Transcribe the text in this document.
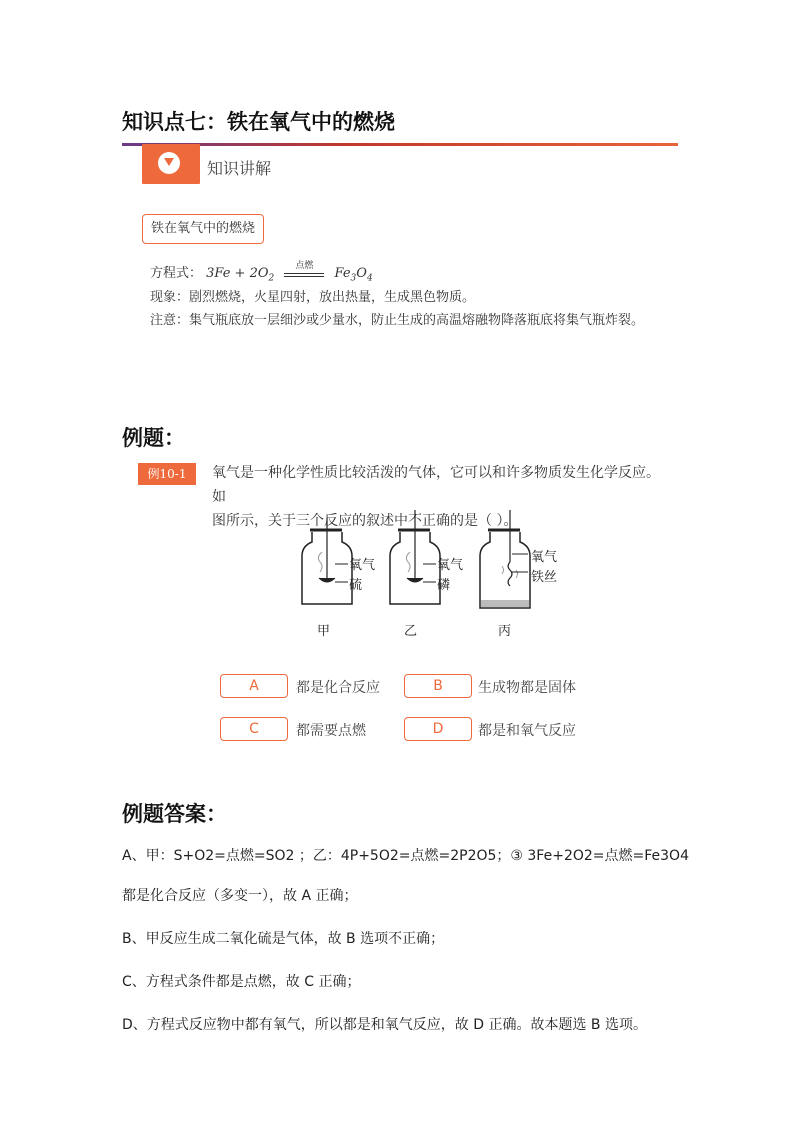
知识点七：铁在氧气中的燃烧
知识讲解
铁在氧气中的燃烧
方程式： $3Fe + 2O_2$
点燃	$Fe_3O_4$
现象：剧烈燃烧，火星四射，放出热量，生成黑色物质。
注意：集气瓶底放一层细沙或少量水，防止生成的高温熔融物降落瓶底将集气瓶炸裂。
例题：
例10-1	氧气是一种化学性质比较活泼的气体，它可以和许多物质发生化学反应。如
图所示，关于三个反应的叙述中不正确的是（ ）。
氧气
硫
氧气
磷
氧气
铁丝
甲	乙	丙
A	都是化合反应	B	生成物都是固体
C	都需要点燃	D	都是和氧气反应
例题答案：
A、甲：S+O2=点燃=SO2 ；乙：4P+5O2=点燃=2P2O5；③ 3Fe+2O2=点燃=Fe3O4
都是化合反应（多变一），故 A 正确；
B、甲反应生成二氧化硫是气体，故 B 选项不正确；
C、方程式条件都是点燃，故 C 正确；
D、方程式反应物中都有氧气，所以都是和氧气反应，故 D 正确。故本题选 B 选项。
